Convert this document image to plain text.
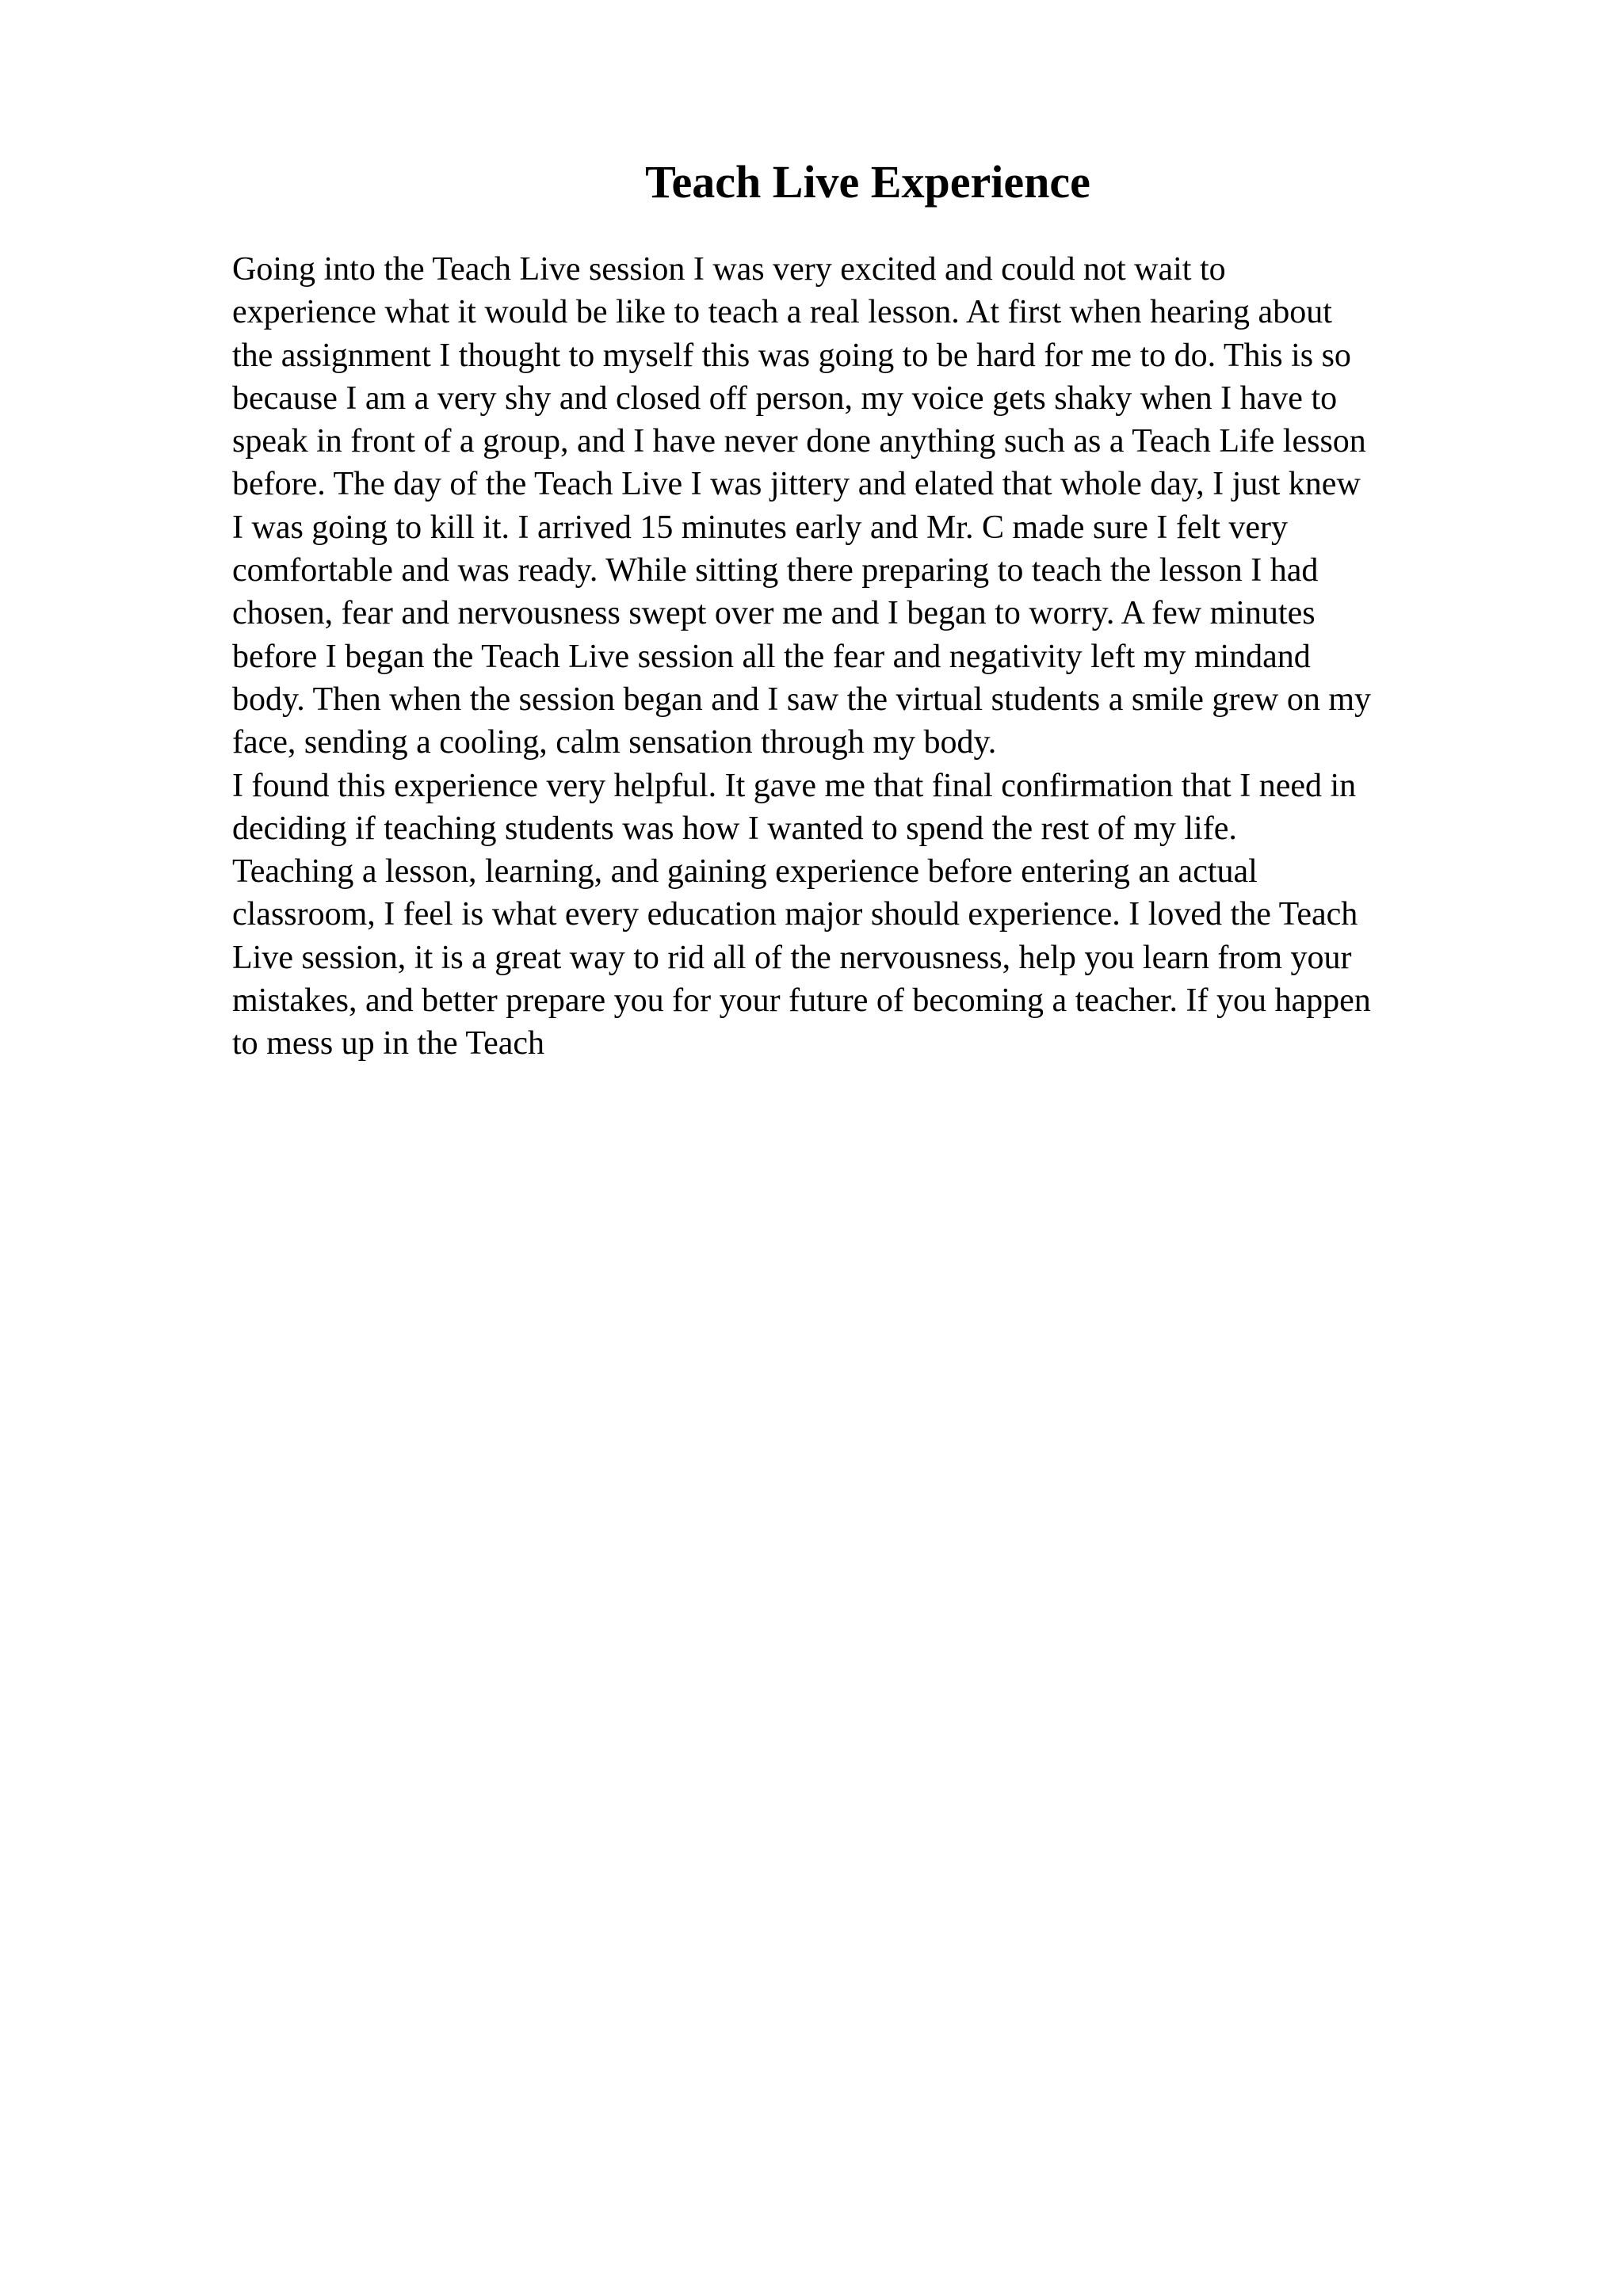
Teach Live Experience
Going into the Teach Live session I was very excited and could not wait to
experience what it would be like to teach a real lesson. At first when hearing about
the assignment I thought to myself this was going to be hard for me to do. This is so
because I am a very shy and closed off person, my voice gets shaky when I have to
speak in front of a group, and I have never done anything such as a Teach Life lesson
before. The day of the Teach Live I was jittery and elated that whole day, I just knew
I was going to kill it. I arrived 15 minutes early and Mr. C made sure I felt very
comfortable and was ready. While sitting there preparing to teach the lesson I had
chosen, fear and nervousness swept over me and I began to worry. A few minutes
before I began the Teach Live session all the fear and negativity left my mindand
body. Then when the session began and I saw the virtual students a smile grew on my
face, sending a cooling, calm sensation through my body.
I found this experience very helpful. It gave me that final confirmation that I need in
deciding if teaching students was how I wanted to spend the rest of my life.
Teaching a lesson, learning, and gaining experience before entering an actual
classroom, I feel is what every education major should experience. I loved the Teach
Live session, it is a great way to rid all of the nervousness, help you learn from your
mistakes, and better prepare you for your future of becoming a teacher. If you happen
to mess up in the Teach
